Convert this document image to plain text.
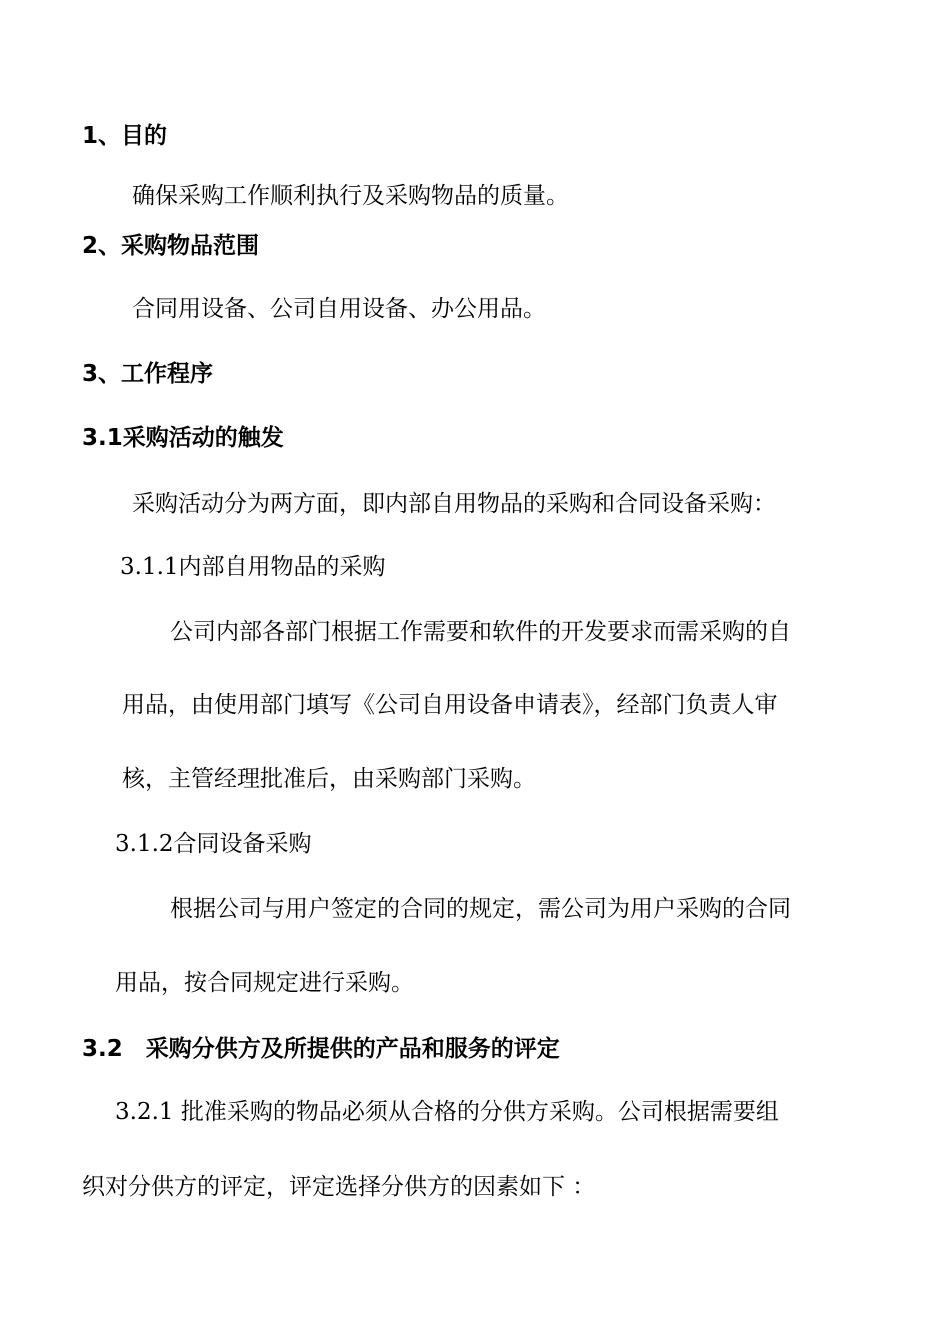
1、目的
确保采购工作顺利执行及采购物品的质量。
2、采购物品范围
合同用设备、公司自用设备、办公用品。
3、工作程序
3.1采购活动的触发
采购活动分为两方面，即内部自用物品的采购和合同设备采购：
3.1.1内部自用物品的采购
公司内部各部门根据工作需要和软件的开发要求而需采购的自
用品，由使用部门填写《公司自用设备申请表》，经部门负责人审
核，主管经理批准后，由采购部门采购。
3.1.2合同设备采购
根据公司与用户签定的合同的规定，需公司为用户采购的合同
用品，按合同规定进行采购。
3.2　采购分供方及所提供的产品和服务的评定
3.2.1 批准采购的物品必须从合格的分供方采购。公司根据需要组
织对分供方的评定，评定选择分供方的因素如下 ：
